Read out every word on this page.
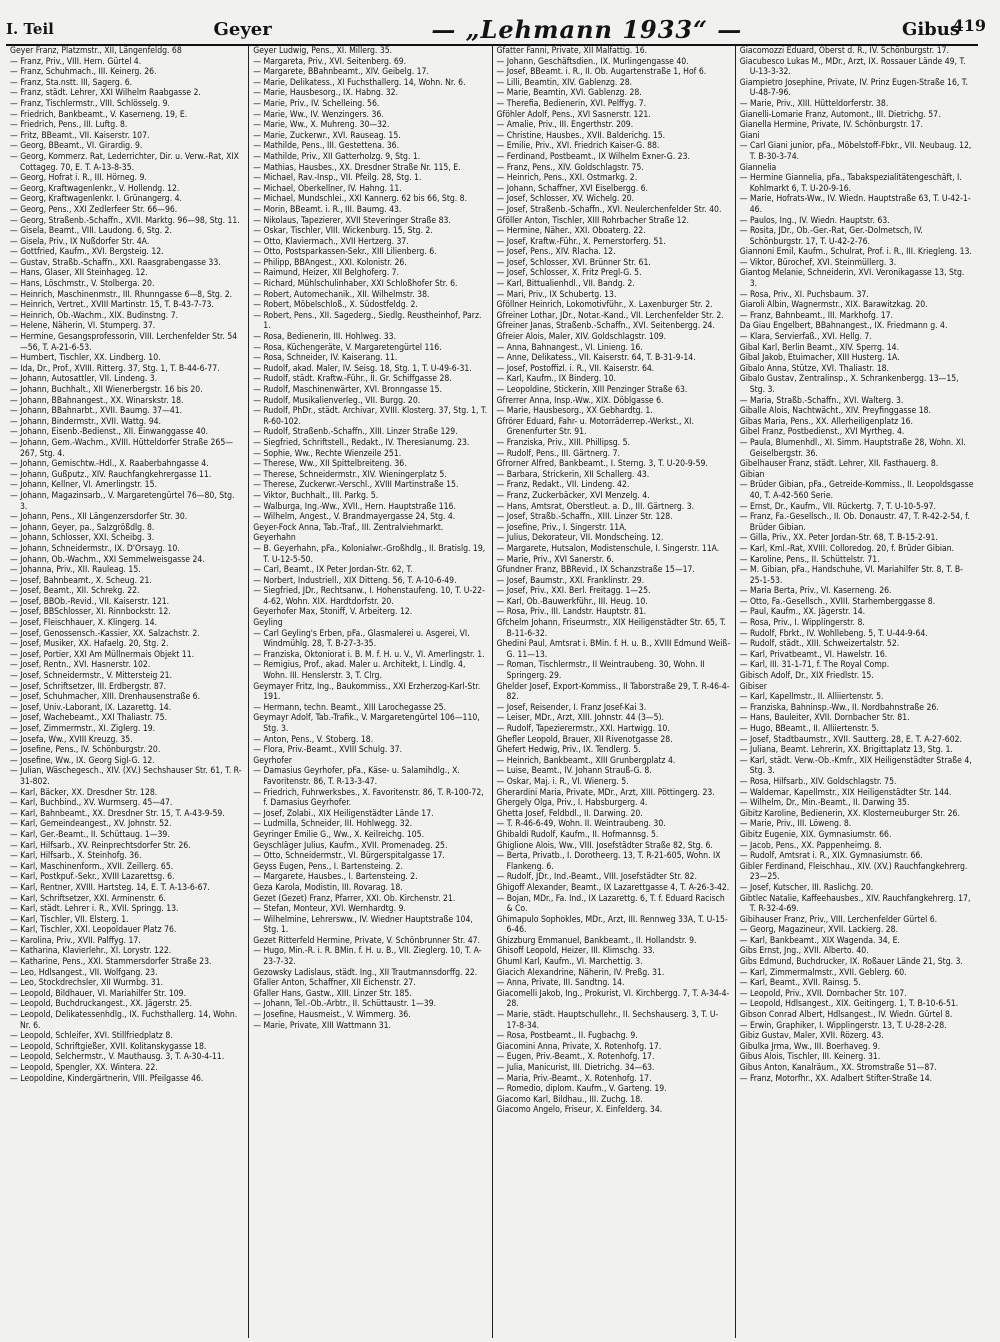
I. Teil	Geyer	— „Lehmann 1933“ —	Gibus
419
Geyer Franz, Platzmstr., XII, Längenfeldg. 68
— Franz, Priv., VIII. Hern. Gürtel 4.
— Franz, Schuhmach., III. Keinerg. 26.
— Franz, Sta.nstt. III, Sagerg. 6.
— Franz, städt. Lehrer, XXI Wilhelm Raabgasse 2.
— Franz, Tischlermstr., VIII. Schlösselg. 9.
— Friedrich, Bankbeamt., V. Kaserneng. 19, E.
— Friedrich, Pens., III. Luftg. 8.
— Fritz, BBeamt., VII. Kaiserstr. 107.
— Georg, BBeamt., VI. Girardig. 9.
— Georg, Kommerz. Rat, Lederrichter, Dir. u. Verw.-Rat, XIX Cottageg. 70, E. T. A-13-8-35.
— Georg, Hofrat i. R., III. Hörneg. 9.
— Georg, Kraftwagenlenkr., V. Hollendg. 12.
— Georg, Kraftwagenlenkr. I. Grünangerg. 4.
— Georg, Pens., XXI Zedlerfeer Str. 66—96.
— Georg, Straßenb.-Schaffn., XVII. Marktg. 96—98, Stg. 11.
— Gisela, Beamt., VIII. Laudong. 6, Stg. 2.
— Gisela, Priv., IX Nußdorfer Str. 4A.
— Gottfried, Kaufm., XVI. Bergsteig. 12.
— Gustav, Straßb.-Schaffn., XXI. Raasgrabengasse 33.
— Hans, Glaser, XII Steinhageg. 12.
— Hans, Löschmstr., V. Stolberga. 20.
— Heinrich, Maschinenmstr., III. Rhunngasse 6—8, Stg. 2.
— Heinrich, Vertret., XVIII Martinstr. 15, T. B-43-7-73.
— Heinrich, Ob.-Wachm., XIX. Budinstng. 7.
— Helene, Näherin, VI. Stumperg. 37.
— Hermine, Gesangsprofessorin, VIII. Lerchenfelder Str. 54—56, T. A-21-6-53.
— Humbert, Tischler, XX. Lindberg. 10.
— Ida, Dr., Prof., XVIII. Ritterg. 37, Stg. 1, T. B-44-6-77.
— Johann, Autosattler, VII. Lindeng. 3.
— Johann, Buchhalt., XII Wienerbergstr. 16 bis 20.
— Johann, BBahnangest., XX. Winarskstr. 18.
— Johann, BBahnarbt., XVII. Baumg. 37—41.
— Johann, Bindermstr., XVII. Wattg. 94.
— Johann, Eisenb.-Bedienst., XII. Einwanggasse 40.
— Johann, Gem.-Wachm., XVIII. Hütteldorfer Straße 265—267, Stg. 4.
— Johann, Gemischtw.-Hdl., X. Raaberbahngasse 4.
— Johann, Gußputz., XIV. Rauchfangkehrergasse 11.
— Johann, Kellner, VI. Amerlingstr. 15.
— Johann, Magazinsarb., V. Margaretengürtel 76—80, Stg. 3.
— Johann, Pens., XII Längenzersdorfer Str. 30.
— Johann, Geyer, pa., Salzgrößdlg. 8.
— Johann, Schlosser, XXI. Scheibg. 3.
— Johann, Schneidermstr., IX. D'Orsayg. 10.
— Johann, Ob.-Wachm., XXI Semmelweisgasse 24.
— Johanna, Priv., XII. Rauleag. 15.
— Josef, Bahnbeamt., X. Scheug. 21.
— Josef, Beamt., XII. Schrekg. 22.
— Josef, BBOb.-Revid., VII. Kaiserstr. 121.
— Josef, BBSchlosser, XI. Rinnbockstr. 12.
— Josef, Fleischhauer, X. Klingerg. 14.
— Josef, Genossensch.-Kassier, XX. Salzachstr. 2.
— Josef, Musiker, XX. Hafaelg. 20, Stg. 2.
— Josef, Portier, XXI Am Müllnermais Objekt 11.
— Josef, Rentn., XVI. Hasnerstr. 102.
— Josef, Schneidermstr., V. Mittersteig 21.
— Josef, Schriftsetzer, III. Erdbergstr. 87.
— Josef, Schuhmacher, XIII. Drenhausenstraße 6.
— Josef, Univ.-Laborant, IX. Lazarettg. 14.
— Josef, Wachebeamt., XXI Thaliastr. 75.
— Josef, Zimmermstr., XI. Ziglerg. 19.
— Josefa, Ww., XVIII Kreuzg. 35.
— Josefine, Pens., IV. Schönburgstr. 20.
— Josefine, Ww., IX. Georg Sigl-G. 12.
— Julian, Wäschegesch., XIV. (XV.) Sechshauser Str. 61, T. R-31-802.
— Karl, Bäcker, XX. Dresdner Str. 128.
— Karl, Buchbind., XV. Wurmserg. 45—47.
— Karl, Bahnbeamt., XX. Dresdner Str. 15, T. A-43-9-59.
— Karl, Gemeindeangest., XV. Johnstr. 52.
— Karl, Ger.-Beamt., II. Schüttaug. 1—39.
— Karl, Hilfsarb., XV. Reinprechtsdorfer Str. 26.
— Karl, Hilfsarb., X. Steinhofg. 36.
— Karl, Maschinenform., XVII. Zeillerg. 65.
— Karl, Postkpuf.-Sekr., XVIII Lazarettsg. 6.
— Karl, Rentner, XVIII. Hartsteg. 14, E. T. A-13-6-67.
— Karl, Schriftsetzer, XXI. Arminenstr. 6.
— Karl, städt. Lehrer i. R., XVII. Springg. 13.
— Karl, Tischler, VII. Elsterg. 1.
— Karl, Tischler, XXI. Leopoldauer Platz 76.
— Karolina, Priv., XVII. Palffyg. 17.
— Katharina, Klavierlehr., XI. Lorystr. 122.
— Katharine, Pens., XXI. Stammersdorfer Straße 23.
— Leo, Hdlsangest., VII. Wolfgang. 23.
— Leo, Stockdrechsler, XII Wurmbg. 31.
— Leopold, Bildhauer, VI. Mariahilfer Str. 109.
— Leopold, Buchdruckangest., XX. Jägerstr. 25.
— Leopold, Delikatessenhdlg., IX. Fuchsthallerg. 14, Wohn. Nr. 6.
— Leopold, Schleifer, XVI. Stillfriedplatz 8.
— Leopold, Schriftgießer, XVII. Kolitanskygasse 18.
— Leopold, Selchermstr., V. Mauthausg. 3, T. A-30-4-11.
— Leopold, Spengler, XX. Wintera. 22.
— Leopoldine, Kindergärtnerin, VIII. Pfeilgasse 46.
Geyer Ludwig, Pens., XI. Millerg. 35.
— Margareta, Priv., XVI. Seitenberg. 69.
— Margarete, BBahnbeamt., XIV. Geibelg. 17.
— Marie, Delikatess., XI Fuchsthallerg. 14, Wohn. Nr. 6.
— Marie, Hausbesorg., IX. Habng. 32.
— Marie, Priv., IV. Schelleing. 56.
— Marie, Ww., IV. Wenzingers. 36.
— Marie, Ww., X. Muhreng. 30—32.
— Marie, Zuckerwr., XVI. Rauseag. 15.
— Mathilde, Pens., III. Gestettena. 36.
— Mathilde, Priv., XII Gatterholzg. 9, Stg. 1.
— Mathias, Hausbes., XX. Dresdner Straße Nr. 115, E.
— Michael, Rav.-Insp., VII. Pfeilg. 28, Stg. 1.
— Michael, Oberkellner, IV. Hahng. 11.
— Michael, Mundschlei., XXI Kannerg. 62 bis 66, Stg. 8.
— Morin, BBeamt. i. R., III. Baumg. 43.
— Nikolaus, Tapezierer, XVII Steveringer Straße 83.
— Oskar, Tischler, VIII. Wickenburg. 15, Stg. 2.
— Otto, Klaviermach., XVII Hertzerg. 37.
— Otto, Postsparkassen-Sekr., XIII Lilienberg. 6.
— Philipp, BBAngest., XXI. Kolonistr. 26.
— Raimund, Heizer, XII Belghoferg. 7.
— Richard, Mühlschulinhaber, XXI Schloßhofer Str. 6.
— Robert, Automechanik., XII. Wilhelmstr. 38.
— Robert, Möbelschloß., X. Südostfeldg. 2.
— Robert, Pens., XII. Sagederg., Siedlg. Reustheinhof, Parz. 1.
— Rosa, Bedienerin, III. Hohlweg. 33.
— Rosa, Küchengeräte, V. Margaretengürtel 116.
— Rosa, Schneider, IV. Kaiserang. 11.
— Rudolf, akad. Maler, IV. Seisg. 18, Stg. 1, T. U-49-6-31.
— Rudolf, städt. Kraftw.-Führ., II. Gr. Schiffgasse 28.
— Rudolf, Maschinenwärter, XVI. Bronngasse 15.
— Rudolf, Musikalienverleg., VII. Burgg. 20.
— Rudolf, PhDr., städt. Archivar, XVIII. Klosterg. 37, Stg. 1, T. R-60-102.
— Rudolf, Straßenb.-Schaffn., XIII. Linzer Straße 129.
— Siegfried, Schriftstell., Redakt., IV. Theresianumg. 23.
— Sophie, Ww., Rechte Wienzeile 251.
— Therese, Ww., XII Spittelbreiteng. 36.
— Therese, Schneidermstr., XIV. Wieningerplatz 5.
— Therese, Zuckerwr.-Verschl., XVIII Martinstraße 15.
— Viktor, Buchhalt., III. Parkg. 5.
— Walburga, Ing.-Ww., XVII., Hern. Hauptstraße 116.
— Wilhelm, Angest., V. Brandmayergasse 24, Stg. 4.
Geyer-Fock Anna, Tab.-Traf., III. Zentralviehmarkt.
Geyerhahn
— B. Geyerhahn, pFa., Kolonialwr.-Großhdlg., II. Bratislg. 19, T. U-12-5-50.
— Carl, Beamt., IX Peter Jordan-Str. 62, T.
— Norbert, Industriell., XIX Ditteng. 56, T. A-10-6-49.
— Siegfried, JDr., Rechtsanw., I. Hohenstaufeng. 10, T. U-22-4-62, Wohn. XIX. Hardtdorfstr. 20.
Geyerhofer Max, Stoniff, V. Arbeiterg. 12.
Geyling
— Carl Geyling's Erben, pFa., Glasmalerei u. Asgerei, VI. Windmühlg. 28, T. B-27-3-35.
— Franziska, Oktoniorat i. B. M. f. H. u. V., VI. Amerlingstr. 1.
— Remigius, Prof., akad. Maler u. Architekt, I. Lindlg. 4, Wohn. III. Henslerstr. 3, T. Clrg.
Geymayer Fritz, Ing., Baukommiss., XXI Erzherzog-Karl-Str. 191.
— Hermann, techn. Beamt., XIII Larochegasse 25.
Geymayr Adolf, Tab.-Trafik., V. Margaretengürtel 106—110, Stg. 3.
— Anton, Pens., V. Stoberg. 18.
— Flora, Priv.-Beamt., XVIII Schulg. 37.
Geyrhofer
— Damasius Geyrhofer, pFa., Käse- u. Salamihdlg., X. Favoritenstr. 86, T. R-13-3-47.
— Friedrich, Fuhrwerksbes., X. Favoritenstr. 86, T. R-100-72, f. Damasius Geyrhofer.
— Josef, Zolabi., XIX Heiligenstädter Lände 17.
— Ludmilla, Schneider, III. Hohlwegg. 32.
Geyringer Emilie G., Ww., X. Keilreichg. 105.
Geyschläger Julius, Kaufm., XVII. Promenadeg. 25.
— Otto, Schneidermstr., VI. Bürgerspitalgasse 17.
Geyss Eugen, Pens., I. Bartensteing. 2.
— Margarete, Hausbes., I. Bartensteing. 2.
Geza Karola, Modistin, III. Rovarag. 18.
Gezet (Gezet) Franz, Pfarrer, XXI. Ob. Kirchenstr. 21.
— Stefan, Monteur, XVI. Wernhardtg. 9.
— Wilhelmine, Lehrersww., IV. Wiedner Hauptstraße 104, Stg. 1.
Gezet Ritterfeld Hermine, Private, V. Schönbrunner Str. 47.
— Hugo, Min.-R. i. R. BMin. f. H. u. B., VII. Zieglerg. 10, T. A-23-7-32.
Gezowsky Ladislaus, städt. Ing., XII Trautmannsdorffg. 22.
Gfaller Anton, Schaffner, XII Eichenstr. 27.
Gfaller Hans, Gastw., XIII. Linzer Str. 185.
— Johann, Tel.-Ob.-Arbtr., II. Schüttaustr. 1—39.
— Josefine, Hausmeist., V. Wimmerg. 36.
— Marie, Private, XIII Wattmann 31.
Gfatter Fanni, Private, XII Malfattig. 16.
— Johann, Geschäftsdien., IX. Murlingengasse 40.
— Josef, BBeamt. i. R., II. Ob. Augartenstraße 1, Hof 6.
— Lilli, Beamtin, XIV. Gablenzg. 28.
— Marie, Beamtin, XVI. Gablenzg. 28.
— Therefia, Bedienerin, XVI. Pelffyg. 7.
Gföhler Adolf, Pens., XVI Sasnerstr. 121.
— Amalie, Priv., III. Engerthstr. 209.
— Christine, Hausbes., XVII. Balderichg. 15.
— Emilie, Priv., XVI. Friedrich Kaiser-G. 88.
— Ferdinand, Postbeamt., IX Wilhelm Exner-G. 23.
— Franz, Pens., XIV. Goldschlagstr. 75.
— Heinrich, Pens., XXI. Ostmarkg. 2.
— Johann, Schaffner, XVI Eiselbergg. 6.
— Josef, Schlosser, XV. Wichelg. 20.
— Josef, Straßenb.-Schaffn., XVI. Neulerchenfelder Str. 40.
Gföller Anton, Tischler, XIII Rohrbacher Straße 12.
— Hermine, Näher., XXI. Oboaterg. 22.
— Josef, Kraftw.-Führ., X. Pernerstorferg. 51.
— Josef, Pens., XIV. Rlacha. 12.
— Josef, Schlosser, XVI. Brünner Str. 61.
— Josef, Schlosser, X. Fritz Pregl-G. 5.
— Karl, Bittualienhdl., VII. Bandg. 2.
— Mari, Priv., IX Schubertg. 13.
Gföllner Heinrich, Lokomotivführ., X. Laxenburger Str. 2.
Gfreiner Lothar, JDr., Notar.-Kand., VII. Lerchenfelder Str. 2.
Gfreiner Janas, Straßenb.-Schaffn., XVI. Seitenbergg. 24.
Gfreier Alois, Maler, XIV. Goldschlagstr. 109.
— Anna, Bahnangest., VI. Linieng. 16.
— Anne, Delikatess., VII. Kaiserstr. 64, T. B-31-9-14.
— Josef, Postoffizl. i. R., VII. Kaiserstr. 64.
— Karl, Kaufm., IX Binderg. 10.
— Leopoldine, Stickerin, XIII Penzinger Straße 63.
Gfrerrer Anna, Insp.-Ww., XIX. Döblgasse 6.
— Marie, Hausbesorg., XX Gebhardtg. 1.
Gfrörer Eduard, Fahr- u. Motorräderrep.-Werkst., XI. Grenenfurter Str. 91.
— Franziska, Priv., XIII. Phillipsg. 5.
— Rudolf, Pens., III. Gärtnerg. 7.
Gfrorner Alfred, Bankbeamt., I. Sterng. 3, T. U-20-9-59.
— Barbara, Strickerin, XII Schallerg. 43.
— Franz, Redakt., VII. Lindeng. 42.
— Franz, Zuckerbäcker, XVI Menzelg. 4.
— Hans, Amtsrat, Oberstleut. a. D., III. Gärtnerg. 3.
— Josef, Straßb.-Schaffn., XIII. Linzer Str. 128.
— Josefine, Priv., I. Singerstr. 11A.
— Julius, Dekorateur, VII. Mondscheing. 12.
— Margarete, Hutsalon, Modistenschule, I. Singerstr. 11A.
— Marie, Priv., XVI Sanerstr. 6.
Gfundner Franz, BBRevid., IX Schanzstraße 15—17.
— Josef, Baumstr., XXI. Franklinstr. 29.
— Josef, Priv., XXI. Berl. Freitagg. 1—25.
— Karl, Ob.-Bauwerkführ., III. Heug. 10.
— Rosa, Priv., III. Landstr. Hauptstr. 81.
Gfchelm Johann, Friseurmstr., XIX Heiligenstädter Str. 65, T. B-11-6-32.
Ghedini Paul, Amtsrat i. BMin. f. H. u. B., XVIII Edmund Weiß-G. 11—13.
— Roman, Tischlermstr., II Weintraubeng. 30, Wohn. II Springerg. 29.
Ghelder Josef, Export-Kommiss., II Taborstraße 29, T. R-46-4-82.
— Josef, Reisender, I. Franz Josef-Kai 3.
— Leiser, MDr., Arzt, XIII. Johnstr. 44 (3—5).
— Rudolf, Tapezierermstr., XXI. Hartwigg. 10.
Ghefler Leopold, Brauer, XII Rivenotgasse 28.
Ghefert Hedwig, Priv., IX. Tendlerg. 5.
— Heinrich, Bankbeamt., XIII Grunbergplatz 4.
— Luise, Beamt., IV. Johann Strauß-G. 8.
— Oskar, Maj. i. R., VI. Wienerg. 5.
Gherardini Maria, Private, MDr., Arzt, XIII. Pöttingerg. 23.
Ghergely Olga, Priv., I. Habsburgerg. 4.
Ghetta Josef, Feldbdl., II. Darwing. 20.
— T. R-46-6-49, Wohn. II. Weintraubeng. 30.
Ghibaldi Rudolf, Kaufm., II. Hofmannsg. 5.
Ghiglione Alois, Ww., VIII. Josefstädter Straße 82, Stg. 6.
— Berta, Privatb., I. Dorotheerg. 13, T. R-21-605, Wohn. IX Flankeng. 6.
— Rudolf, JDr., Ind.-Beamt., VIII. Josefstädter Str. 82.
Ghigoff Alexander, Beamt., IX Lazarettgasse 4, T. A-26-3-42.
— Bojan, MDr., Fa. Ind., IX Lazarettg. 6, T. f. Eduard Racisch & Co.
Ghimapulo Sophokles, MDr., Arzt, III. Rennweg 33A, T. U-15-6-46.
Ghizzburg Emmanuel, Bankbeamt., II. Hollandstr. 9.
Ghisoff Leopold, Heizer, III. Klimschg. 33.
Ghuml Karl, Kaufm., VI. Marchettig. 3.
Giacich Alexandrine, Näherin, IV. Preßg. 31.
— Anna, Private, III. Sandtng. 14.
Giacomelli Jakob, Ing., Prokurist, VI. Kirchbergg. 7, T. A-34-4-28.
— Marie, städt. Hauptschullehr., II. Sechshauserg. 3, T. U-17-8-34.
— Rosa, Postbeamt., II. Fugbachg. 9.
Giacomini Anna, Private, X. Rotenhofg. 17.
— Eugen, Priv.-Beamt., X. Rotenhofg. 17.
— Julia, Manicurist, III. Dietrichg. 34—63.
— Maria, Priv.-Beamt., X. Rotenhofg. 17.
— Romedio, diplom. Kaufm., V. Garteng. 19.
Giacomo Karl, Bildhau., III. Zuchg. 18.
Giacomo Angelo, Friseur, X. Einfelderg. 34.
Giacomozzi Eduard, Oberst d. R., IV. Schönburgstr. 17.
Giacubesco Lukas M., MDr., Arzt, IX. Rossauer Lände 49, T. U-13-3-32.
Giampietro Josephine, Private, IV. Prinz Eugen-Straße 16, T. U-48-7-96.
— Marie, Priv., XIII. Hütteldorferstr. 38.
Gianelli-Lomarie Franz, Automont., III. Dietrichg. 57.
Gianella Hermine, Private, IV. Schönburgstr. 17.
Giani
— Carl Giani junior, pFa., Möbelstoff-Fbkr., VII. Neubaug. 12, T. B-30-3-74.
Giannelia
— Hermine Giannelia, pFa., Tabakspezialitätengeschäft, I. Kohlmarkt 6, T. U-20-9-16.
— Marie, Hofrats-Ww., IV. Wiedn. Hauptstraße 63, T. U-42-1-46.
— Paulos, Ing., IV. Wiedn. Hauptstr. 63.
— Rosita, JDr., Ob.-Ger.-Rat, Ger.-Dolmetsch, IV. Schönburgstr. 17, T. U-42-2-76.
Giannoni Emil, Kaufm., Schulrat, Prof. i. R., III. Kriegleng. 13.
— Viktor, Bürochef, XVI. Steinmüllerg. 3.
Giantog Melanie, Schneiderin, XVI. Veronikagasse 13, Stg. 3.
— Rosa, Priv., XI. Puchsbaum. 37.
Giaroli Albin, Wagnermstr., XIX. Barawitzkag. 20.
— Franz, Bahnbeamt., III. Markhofg. 17.
Da Giau Engelbert, BBahnangest., IX. Friedmann g. 4.
— Klara, Servierfaß., XVI. Hellg. 7.
Gibal Karl, Berlin Beamt., XIV. Sperrg. 14.
Gibal Jakob, Etuimacher, XIII Husterg. 1A.
Gibalo Anna, Stütze, XVI. Thaliastr. 18.
Gibalo Gustav, Zentralinsp., X. Schrankenbergg. 13—15, Stg. 3.
— Maria, Straßb.-Schaffn., XVI. Walterg. 3.
Giballe Alois, Nachtwächt., XIV. Preyfinggasse 18.
Gibas Maria, Pens., XX. Allerheiligenplatz 16.
Gibel Franz, Postbedienst., XVI Myrtheg. 4.
— Paula, Blumenhdl., XI. Simm. Hauptstraße 28, Wohn. XI. Geiselbergstr. 36.
Gibelhauser Franz, städt. Lehrer, XII. Fasthauerg. 8.
Gibian
— Brüder Gibian, pFa., Getreide-Kommiss., II. Leopoldsgasse 40, T. A-42-560 Serie.
— Ernst, Dr., Kaufm., VII. Rückertg. 7, T. U-10-5-97.
— Franz, Fa.-Gesellsch., II. Ob. Donaustr. 47, T. R-42-2-54, f. Brüder Gibian.
— Gilla, Priv., XX. Peter Jordan-Str. 68, T. B-15-2-91.
— Karl, Kml.-Rat, XVIII. Colloredog. 20, f. Brüder Gibian.
— Karoline, Pens., II. Schüttelstr. 71.
— M. Gibian, pFa., Handschuhe, VI. Mariahilfer Str. 8, T. B-25-1-53.
— Maria Berta, Priv., VI. Kaserneng. 26.
— Otto, Fa.-Gesellsch., XVIII. Starhemberggasse 8.
— Paul, Kaufm., XX. Jägerstr. 14.
— Rosa, Priv., I. Wipplingerstr. 8.
— Rudolf, Fbrkt., IV. Wohllebeng. 5, T. U-44-9-64.
— Rudolf, städt., XIII. Schweizertalstr. 52.
— Karl, Privatbeamt., VI. Hawelstr. 16.
— Karl, III. 31-1-71, f. The Royal Comp.
Gibisch Adolf, Dr., XIX Friedlstr. 15.
Gibiser
— Karl, Kapellmstr., II. Alliiertenstr. 5.
— Franziska, Bahninsp.-Ww., II. Nordbahnstraße 26.
— Hans, Bauleiter, XVII. Dornbacher Str. 81.
— Hugo, BBeamt., II. Alliiertenstr. 5.
— Josef, Stadtbaumstr., XVII. Sautterg. 28, E. T. A-27-602.
— Juliana, Beamt. Lehrerin, XX. Brigittaplatz 13, Stg. 1.
— Karl, städt. Verw.-Ob.-Kmfr., XIX Heiligenstädter Straße 4, Stg. 3.
— Rosa, Hilfsarb., XIV. Goldschlagstr. 75.
— Waldemar, Kapellmstr., XIX Heiligenstädter Str. 144.
— Wilhelm, Dr., Min.-Beamt., II. Darwing 35.
Gibitz Karoline, Bedienerin, XX. Klosterneuburger Str. 26.
— Marie, Priv., III. Löweng. 8.
Gibitz Eugenie, XIX. Gymnasiumstr. 66.
— Jacob, Pens., XX. Pappenheimg. 8.
— Rudolf, Amtsrat i. R., XIX. Gymnasiumstr. 66.
Gibler Ferdinand, Fleischhau., XIV. (XV.) Rauchfangkehrerg. 23—25.
— Josef, Kutscher, III. Raslichg. 20.
Gibtlec Natalie, Kaffeehausbes., XIV. Rauchfangkehrerg. 17, T. R-32-4-69.
Gibihauser Franz, Priv., VIII. Lerchenfelder Gürtel 6.
— Georg, Magazineur, XVII. Lackierg. 28.
— Karl, Bankbeamt., XIX Wagenda. 34, E.
Gibs Ernst, Jng., XVII. Alberto. 40.
Gibs Edmund, Buchdrucker, IX. Roßauer Lände 21, Stg. 3.
— Karl, Zimmermalmstr., XVII. Geblerg. 60.
— Karl, Beamt., XVII. Rainsg. 5.
— Leopold, Priv., XVII. Dornbacher Str. 107.
— Leopold, Hdlsangest., XIX. Geitingerg. 1, T. B-10-6-51.
Gibson Conrad Albert, Hdlsangest., IV. Wiedn. Gürtel 8.
— Erwin, Graphiker, I. Wipplingerstr. 13, T. U-28-2-28.
Gibiz Gustav, Maler, XVII. Rözerg. 43.
Gibulka Jrma, Ww., III. Boerhaveg. 9.
Gibus Alois, Tischler, III. Keinerg. 31.
Gibus Anton, Kanalräum., XX. Stromstraße 51—87.
— Franz, Motorfhr., XX. Adalbert Stifter-Straße 14.
